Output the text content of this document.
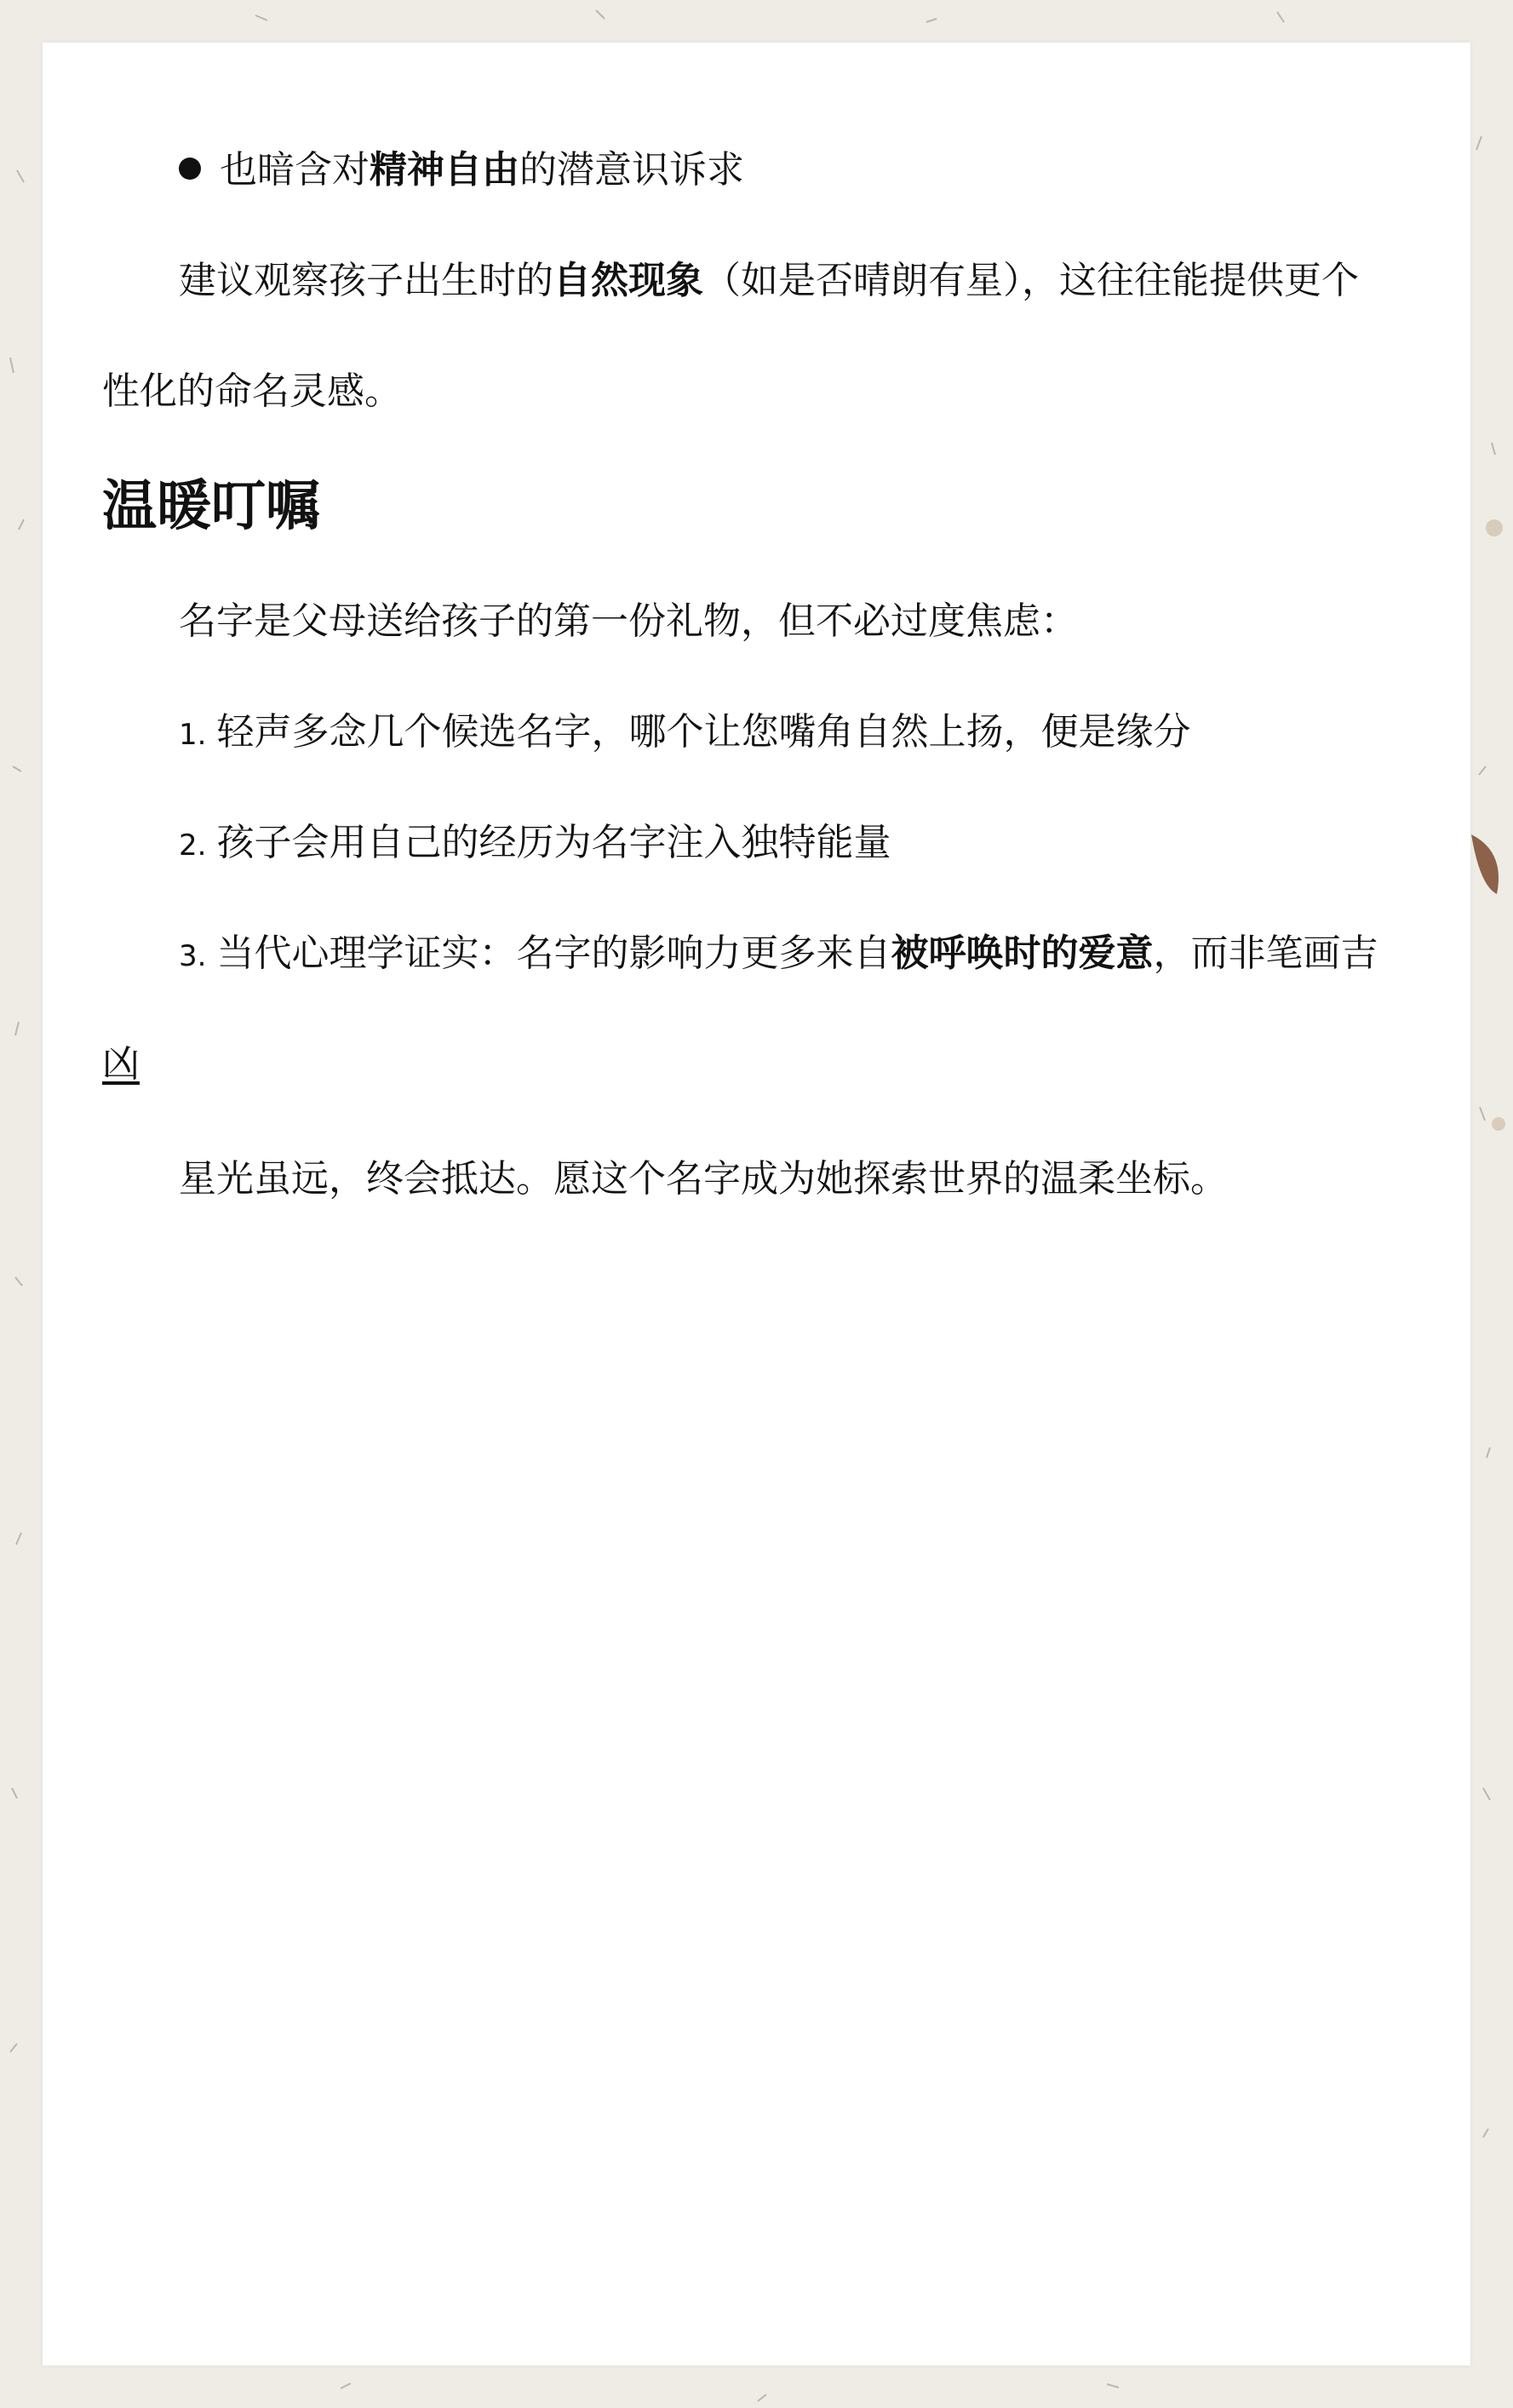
也暗含对精神自由的潜意识诉求
建议观察孩子出生时的自然现象（如是否晴朗有星），这往往能提供更个
性化的命名灵感。
温暖叮嘱
名字是父母送给孩子的第一份礼物，但不必过度焦虑：
1. 轻声多念几个候选名字，哪个让您嘴角自然上扬，便是缘分
2. 孩子会用自己的经历为名字注入独特能量
3. 当代心理学证实：名字的影响力更多来自被呼唤时的爱意，而非笔画吉
凶
星光虽远，终会抵达。愿这个名字成为她探索世界的温柔坐标。
